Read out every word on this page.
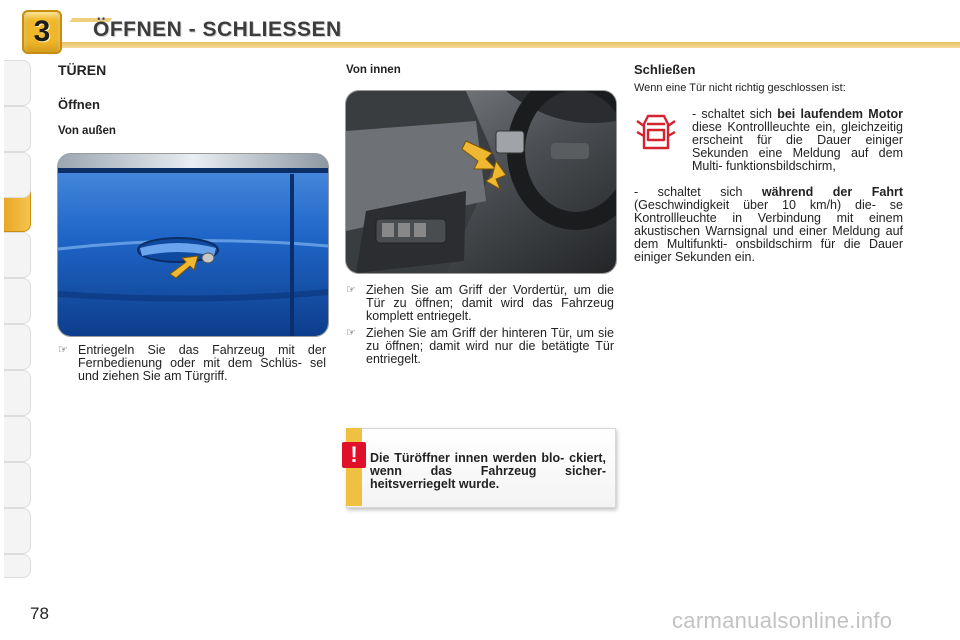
3 ÖFFNEN - SCHLIESSEN
TÜREN
Öffnen
Von außen
☞ Entriegeln Sie das Fahrzeug mit der Fernbedienung oder mit dem Schlüs- sel und ziehen Sie am Türgriff.
Von innen
☞ Ziehen Sie am Griff der Vordertür, um die Tür zu öffnen; damit wird das Fahrzeug komplett entriegelt.
☞ Ziehen Sie am Griff der hinteren Tür, um sie zu öffnen; damit wird nur die betätigte Tür entriegelt.
! Die Türöffner innen werden blo- ckiert, wenn das Fahrzeug sicher- heitsverriegelt wurde.
Schließen
Wenn eine Tür nicht richtig geschlossen ist:
- schaltet sich bei laufendem Motor diese Kontrollleuchte ein, gleichzeitig erscheint für die Dauer einiger Sekunden eine Meldung auf dem Multi- funktionsbildschirm,
- schaltet sich während der Fahrt (Geschwindigkeit über 10 km/h) die- se Kontrollleuchte in Verbindung mit einem akustischen Warnsignal und einer Meldung auf dem Multifunkti- onsbildschirm für die Dauer einiger Sekunden ein.
78	carmanualsonline.info
